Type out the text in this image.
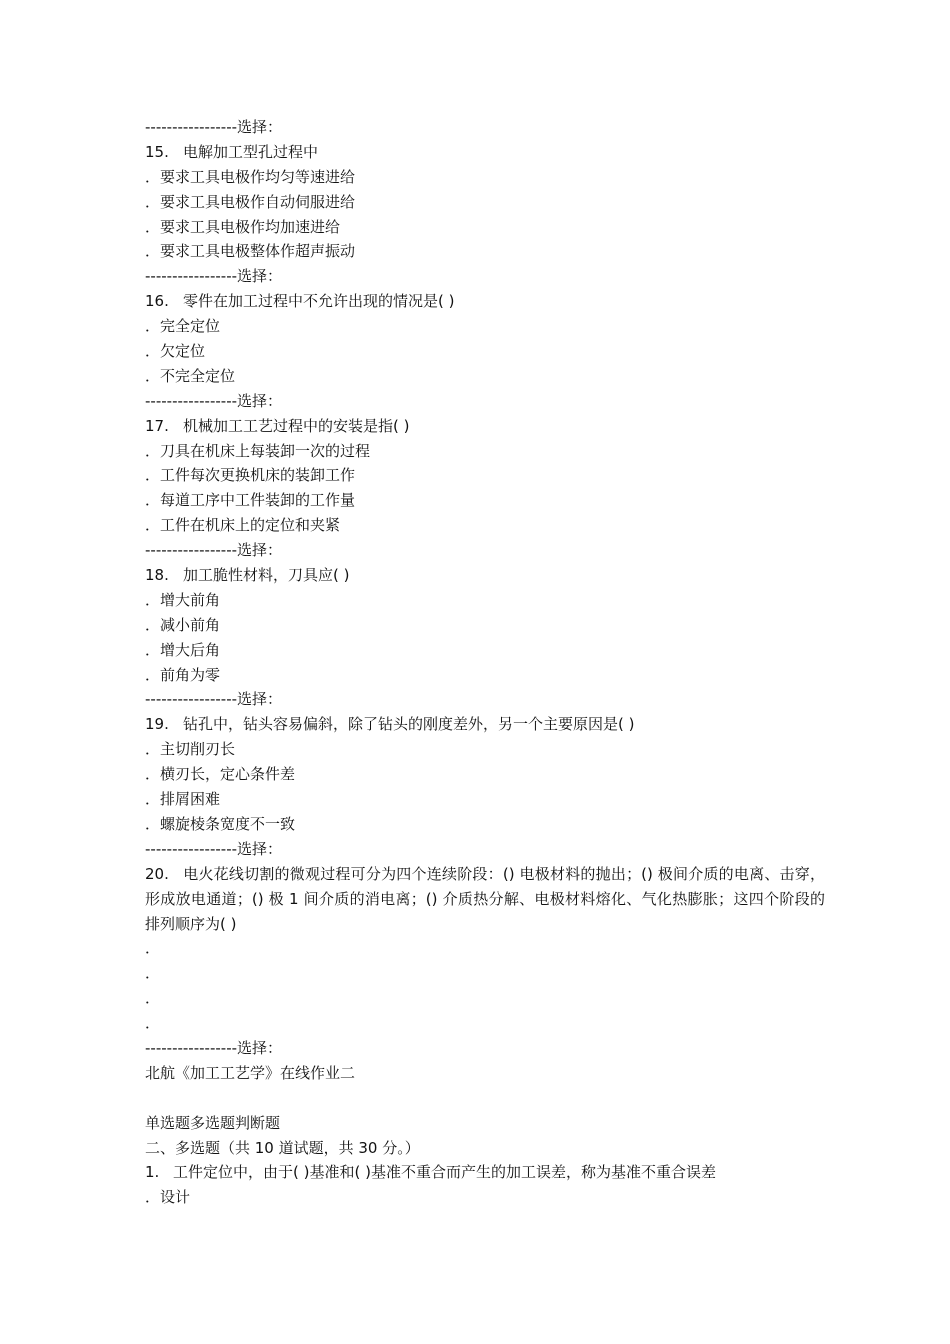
-----------------选择：
15. 电解加工型孔过程中
．要求工具电极作均匀等速进给
．要求工具电极作自动伺服进给
．要求工具电极作均加速进给
．要求工具电极整体作超声振动
-----------------选择：
16. 零件在加工过程中不允许出现的情况是( )
．完全定位
．欠定位
．不完全定位
-----------------选择：
17. 机械加工工艺过程中的安装是指( )
．刀具在机床上每装卸一次的过程
．工件每次更换机床的装卸工作
．每道工序中工件装卸的工作量
．工件在机床上的定位和夹紧
-----------------选择：
18. 加工脆性材料，刀具应( )
．增大前角
．减小前角
．增大后角
．前角为零
-----------------选择：
19. 钻孔中，钻头容易偏斜，除了钻头的刚度差外，另一个主要原因是( )
．主切削刃长
．横刃长，定心条件差
．排屑困难
．螺旋棱条宽度不一致
-----------------选择：
20. 电火花线切割的微观过程可分为四个连续阶段：() 电极材料的抛出；() 极间介质的电离、击穿，形成放电通道；() 极 1 间介质的消电离；() 介质热分解、电极材料熔化、气化热膨胀；这四个阶段的排列顺序为( )
．
．
．
．
-----------------选择：
北航《加工工艺学》在线作业二
单选题多选题判断题
二、多选题（共 10 道试题，共 30 分。）
1. 工件定位中，由于( )基准和( )基准不重合而产生的加工误差，称为基准不重合误差
．设计
